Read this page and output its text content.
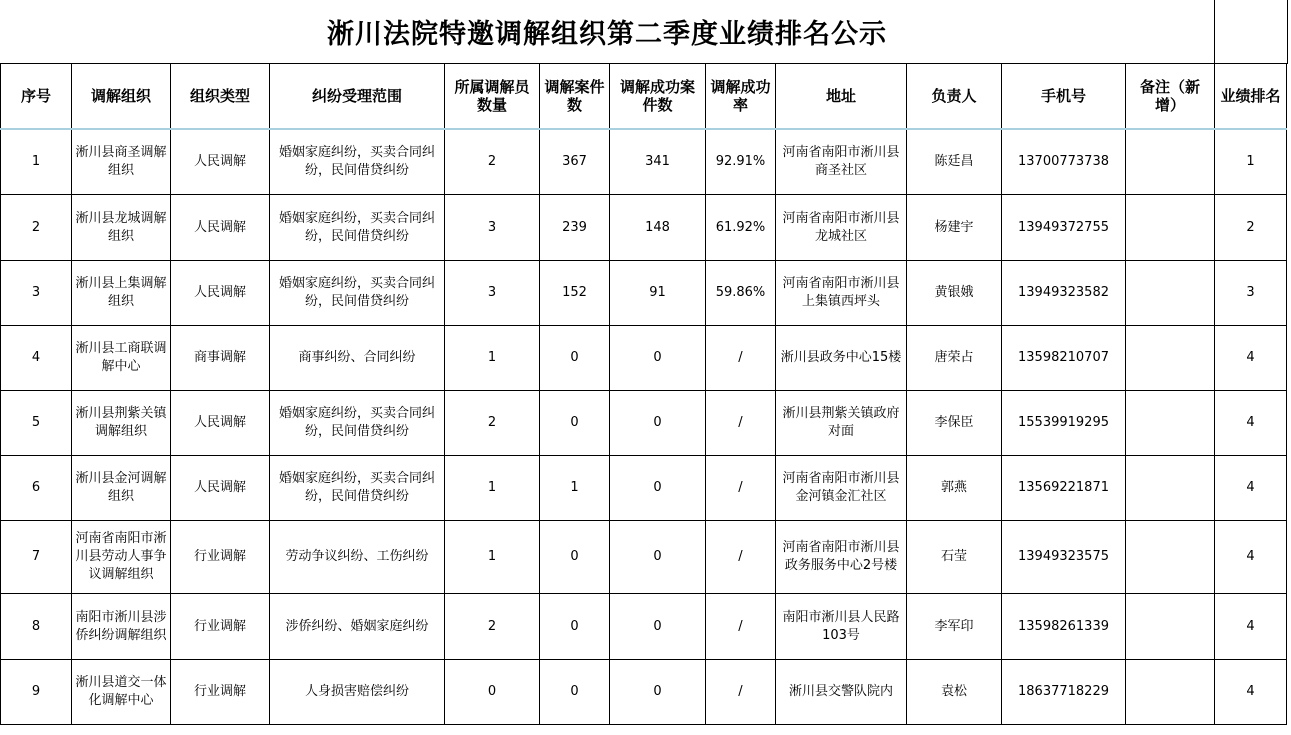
淅川法院特邀调解组织第二季度业绩排名公示
序号	调解组织	组织类型	纠纷受理范围	所属调解员数量	调解案件数	调解成功案件数	调解成功率	地址	负责人	手机号	备注（新增）	业绩排名

1	淅川县商圣调解组织	人民调解	婚姻家庭纠纷，买卖合同纠纷，民间借贷纠纷	2	367	341	92.91%	河南省南阳市淅川县商圣社区	陈廷昌	13700773738		1

2	淅川县龙城调解组织	人民调解	婚姻家庭纠纷，买卖合同纠纷，民间借贷纠纷	3	239	148	61.92%	河南省南阳市淅川县龙城社区	杨建宇	13949372755		2

3	淅川县上集调解组织	人民调解	婚姻家庭纠纷，买卖合同纠纷，民间借贷纠纷	3	152	91	59.86%	河南省南阳市淅川县上集镇西坪头	黄银娥	13949323582		3

4	淅川县工商联调解中心	商事调解	商事纠纷、合同纠纷	1	0	0	/	淅川县政务中心15楼	唐荣占	13598210707		4

5	淅川县荆紫关镇调解组织	人民调解	婚姻家庭纠纷，买卖合同纠纷，民间借贷纠纷	2	0	0	/	淅川县荆紫关镇政府对面	李保臣	15539919295		4

6	淅川县金河调解组织	人民调解	婚姻家庭纠纷，买卖合同纠纷，民间借贷纠纷	1	1	0	/	河南省南阳市淅川县金河镇金汇社区	郭燕	13569221871		4

7	河南省南阳市淅川县劳动人事争议调解组织	行业调解	劳动争议纠纷、工伤纠纷	1	0	0	/	河南省南阳市淅川县政务服务中心2号楼	石莹	13949323575		4

8	南阳市淅川县涉侨纠纷调解组织	行业调解	涉侨纠纷、婚姻家庭纠纷	2	0	0	/	南阳市淅川县人民路103号	李军印	13598261339		4

9	淅川县道交一体化调解中心	行业调解	人身损害赔偿纠纷	0	0	0	/	淅川县交警队院内	袁松	18637718229		4
